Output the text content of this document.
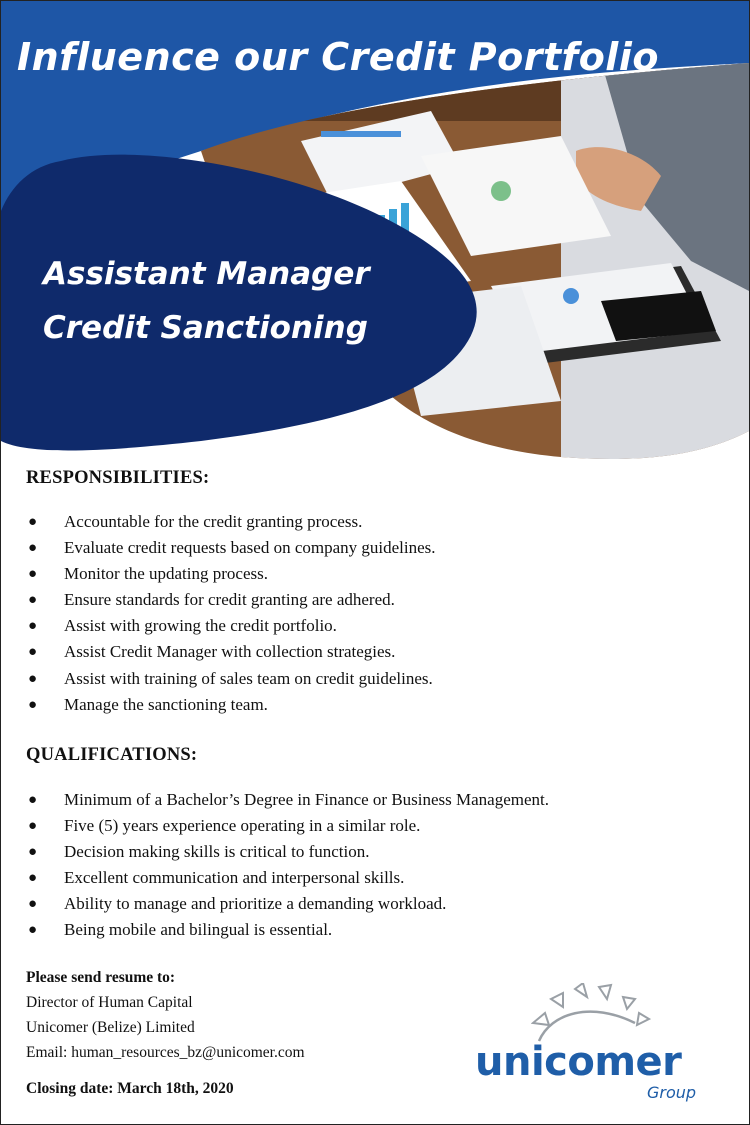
Influence our Credit Portfolio
Assistant Manager
Credit Sanctioning
RESPONSIBILITIES:
● Accountable for the credit granting process.
● Evaluate credit requests based on company guidelines.
● Monitor the updating process.
● Ensure standards for credit granting are adhered.
● Assist with growing the credit portfolio.
● Assist Credit Manager with collection strategies.
● Assist with training of sales team on credit guidelines.
● Manage the sanctioning team.
QUALIFICATIONS:
● Minimum of a Bachelor’s Degree in Finance or Business Management.
● Five (5) years experience operating in a similar role.
● Decision making skills is critical to function.
● Excellent communication and interpersonal skills.
● Ability to manage and prioritize a demanding workload.
● Being mobile and bilingual is essential.
Please send resume to:
Director of Human Capital
Unicomer (Belize) Limited
Email: human_resources_bz@unicomer.com
Closing date: March 18th, 2020
unicomer
Group
